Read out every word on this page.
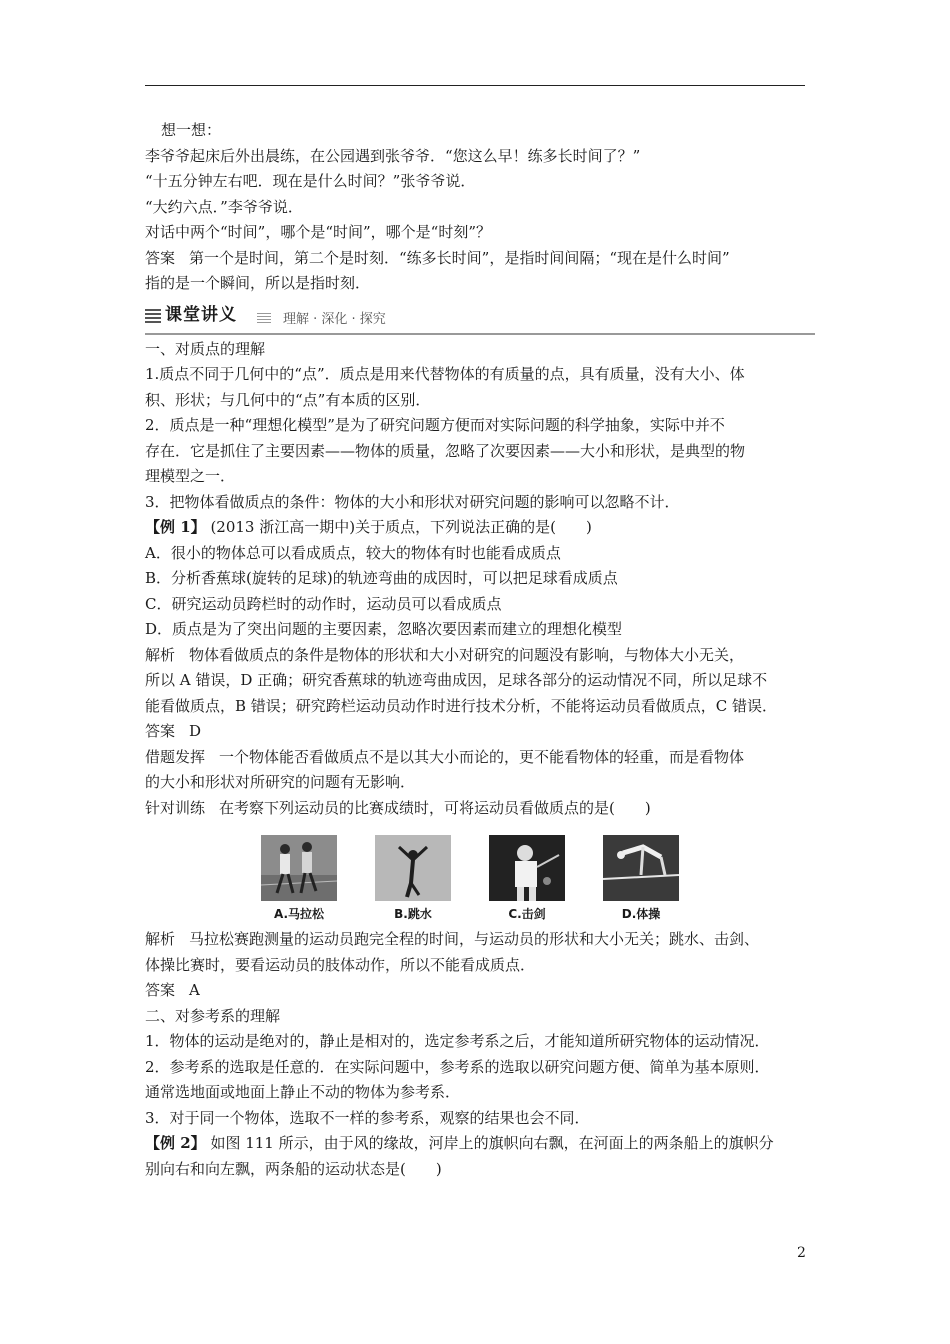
想一想：
李爷爷起床后外出晨练，在公园遇到张爷爷．“您这么早！练多长时间了？”
“十五分钟左右吧．现在是什么时间？”张爷爷说．
“大约六点．”李爷爷说．
对话中两个“时间”，哪个是“时间”，哪个是“时刻”？
答案 第一个是时间，第二个是时刻．“练多长时间”，是指时间间隔；“现在是什么时间”
指的是一个瞬间，所以是指时刻．
课堂讲义	理解 · 深化 · 探究
一、对质点的理解
1.质点不同于几何中的“点”．质点是用来代替物体的有质量的点，具有质量，没有大小、体
积、形状；与几何中的“点”有本质的区别．
2．质点是一种“理想化模型”是为了研究问题方便而对实际问题的科学抽象，实际中并不
存在．它是抓住了主要因素——物体的质量，忽略了次要因素——大小和形状，是典型的物
理模型之一．
3．把物体看做质点的条件：物体的大小和形状对研究问题的影响可以忽略不计．
【例 1】 (2013 浙江高一期中)关于质点，下列说法正确的是(　　)
A．很小的物体总可以看成质点，较大的物体有时也能看成质点
B．分析香蕉球(旋转的足球)的轨迹弯曲的成因时，可以把足球看成质点
C．研究运动员跨栏时的动作时，运动员可以看成质点
D．质点是为了突出问题的主要因素，忽略次要因素而建立的理想化模型
解析 物体看做质点的条件是物体的形状和大小对研究的问题没有影响，与物体大小无关，
所以 A 错误，D 正确；研究香蕉球的轨迹弯曲成因，足球各部分的运动情况不同，所以足球不
能看做质点，B 错误；研究跨栏运动员动作时进行技术分析，不能将运动员看做质点，C 错误．
答案 D
借题发挥 一个物体能否看做质点不是以其大小而论的，更不能看物体的轻重，而是看物体
的大小和形状对所研究的问题有无影响．
针对训练 在考察下列运动员的比赛成绩时，可将运动员看做质点的是(　　)
A.马拉松	B.跳水	C.击剑	D.体操
解析 马拉松赛跑测量的运动员跑完全程的时间，与运动员的形状和大小无关；跳水、击剑、
体操比赛时，要看运动员的肢体动作，所以不能看成质点．
答案 A
二、对参考系的理解
1．物体的运动是绝对的，静止是相对的，选定参考系之后，才能知道所研究物体的运动情况．
2．参考系的选取是任意的．在实际问题中，参考系的选取以研究问题方便、简单为基本原则．
通常选地面或地面上静止不动的物体为参考系．
3．对于同一个物体，选取不一样的参考系，观察的结果也会不同．
【例 2】 如图 111 所示，由于风的缘故，河岸上的旗帜向右飘，在河面上的两条船上的旗帜分
别向右和向左飘，两条船的运动状态是(　　)
2
